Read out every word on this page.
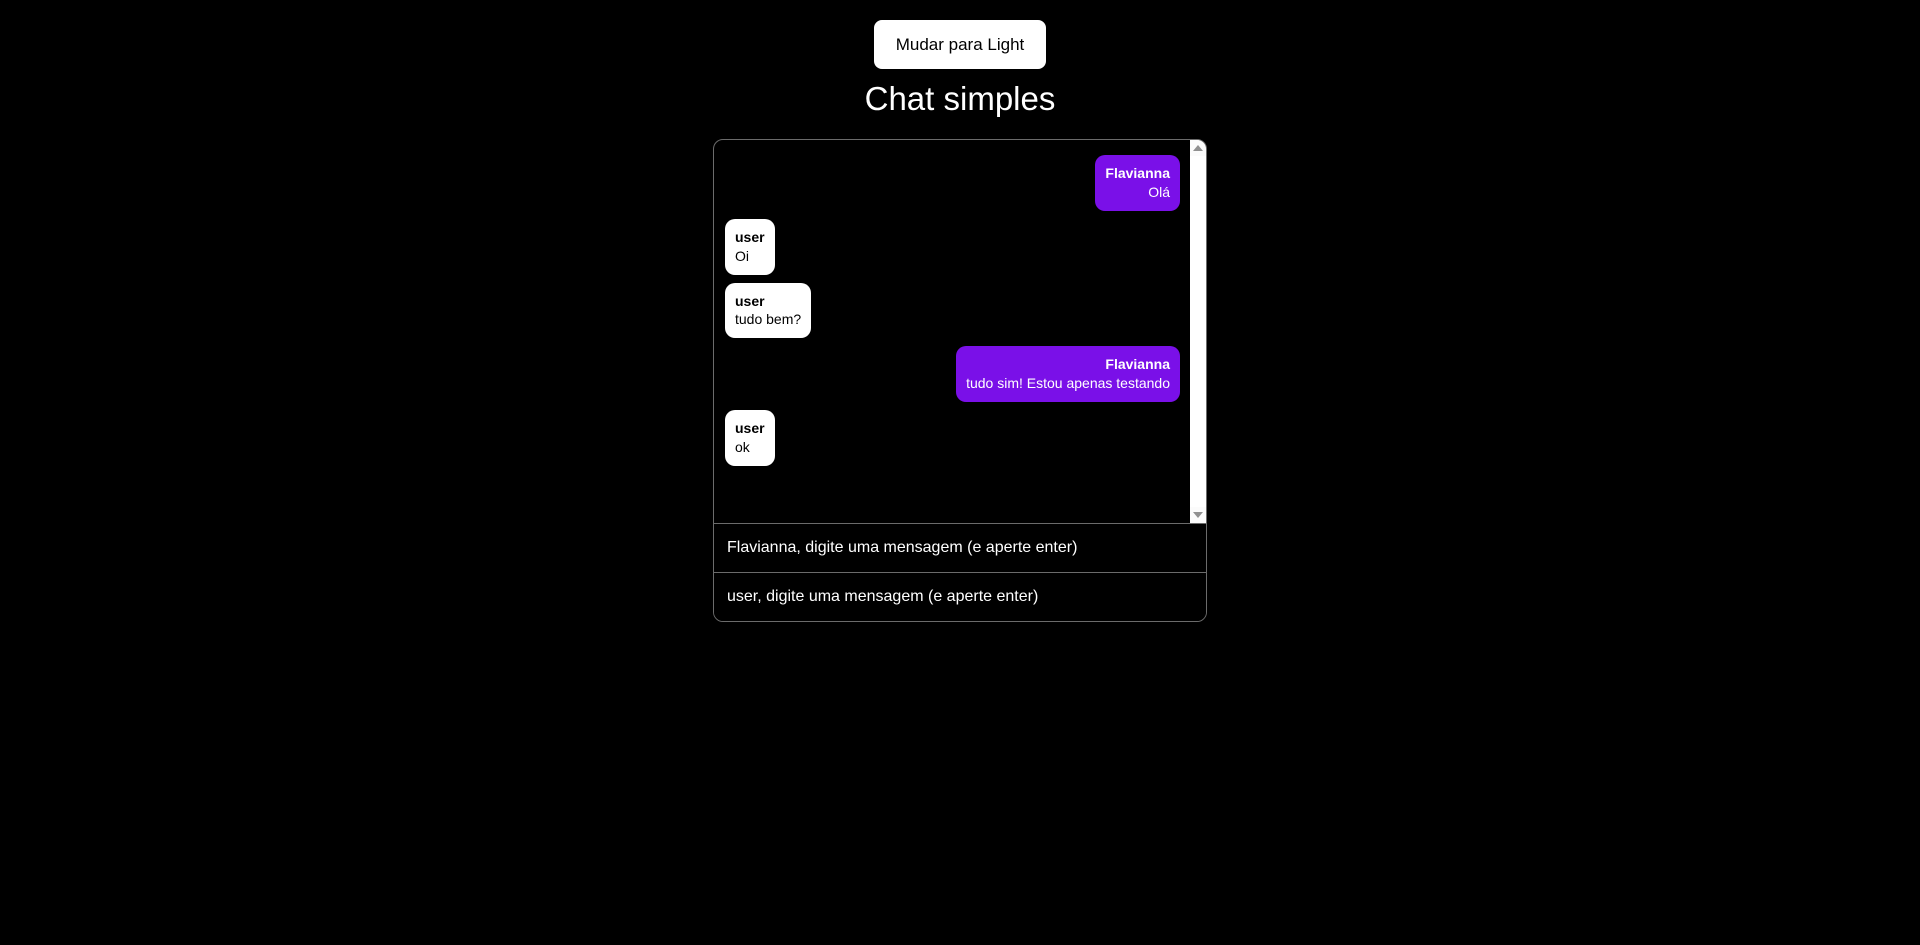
Mudar para Light
Chat simples
Flavianna
Olá
user
Oi
user
tudo bem?
Flavianna
tudo sim! Estou apenas testando
user
ok
Flavianna, digite uma mensagem (e aperte enter)
user, digite uma mensagem (e aperte enter)
